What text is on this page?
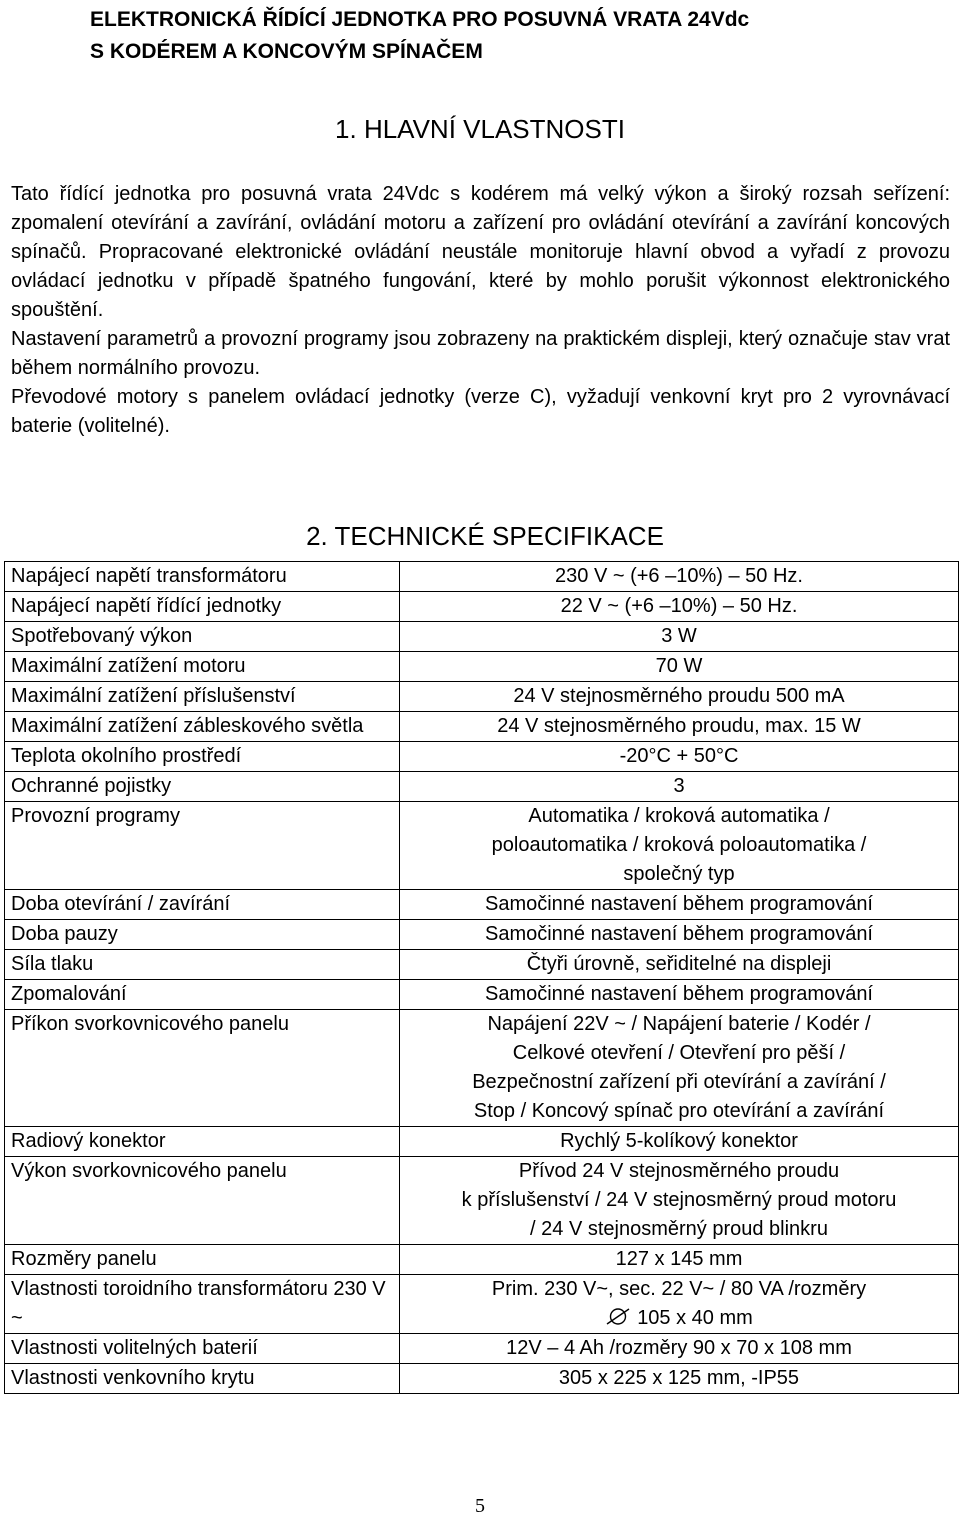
ELEKTRONICKÁ ŘÍDÍCÍ JEDNOTKA PRO POSUVNÁ VRATA 24Vdc
S KODÉREM A KONCOVÝM SPÍNAČEM
1. HLAVNÍ VLASTNOSTI

Tato řídící jednotka pro posuvná vrata 24Vdc s kodérem má velký výkon a široký rozsah seřízení: zpomalení otevírání a zavírání, ovládání motoru a zařízení pro ovládání otevírání a zavírání koncových spínačů. Propracované elektronické ovládání neustále monitoruje hlavní obvod a vyřadí z provozu ovládací jednotku v případě špatného fungování, které by mohlo porušit výkonnost elektronického spouštění.

Nastavení parametrů a provozní programy jsou zobrazeny na praktickém displeji, který označuje stav vrat během normálního provozu.

Převodové motory s panelem ovládací jednotky (verze C), vyžadují venkovní kryt pro 2 vyrovnávací baterie (volitelné).

2. TECHNICKÉ SPECIFIKACE
Napájecí napětí transformátoru	230 V ~ (+6 –10%) – 50 Hz.

Napájecí napětí řídící jednotky	22 V ~ (+6 –10%) – 50 Hz.

Spotřebovaný výkon	3 W

Maximální zatížení motoru	70 W

Maximální zatížení příslušenství	24 V stejnosměrného proudu 500 mA

Maximální zatížení zábleskového světla	24 V stejnosměrného proudu, max. 15 W

Teplota okolního prostředí	-20°C + 50°C

Ochranné pojistky	3

Provozní programy	Automatika / kroková automatika /
poloautomatika / kroková poloautomatika /
společný typ

Doba otevírání / zavírání	Samočinné nastavení během programování

Doba pauzy	Samočinné nastavení během programování

Síla tlaku	Čtyři úrovně, seřiditelné na displeji

Zpomalování	Samočinné nastavení během programování

Příkon svorkovnicového panelu	Napájení 22V ~ / Napájení baterie / Kodér /
Celkové otevření / Otevření pro pěší /
Bezpečnostní zařízení při otevírání a zavírání /
Stop / Koncový spínač pro otevírání a zavírání

Radiový konektor	Rychlý 5-kolíkový konektor

Výkon svorkovnicového panelu	Přívod 24 V stejnosměrného proudu
k příslušenství / 24 V stejnosměrný proud motoru
/ 24 V stejnosměrný proud blinkru

Rozměry panelu	127 x 145 mm

Vlastnosti toroidního transformátoru 230 V ~	Prim. 230 V~, sec. 22 V~ / 80 VA /rozměry
105 x 40 mm

Vlastnosti volitelných baterií	12V – 4 Ah /rozměry 90 x 70 x 108 mm

Vlastnosti venkovního krytu	305 x 225 x 125 mm, -IP55
5
